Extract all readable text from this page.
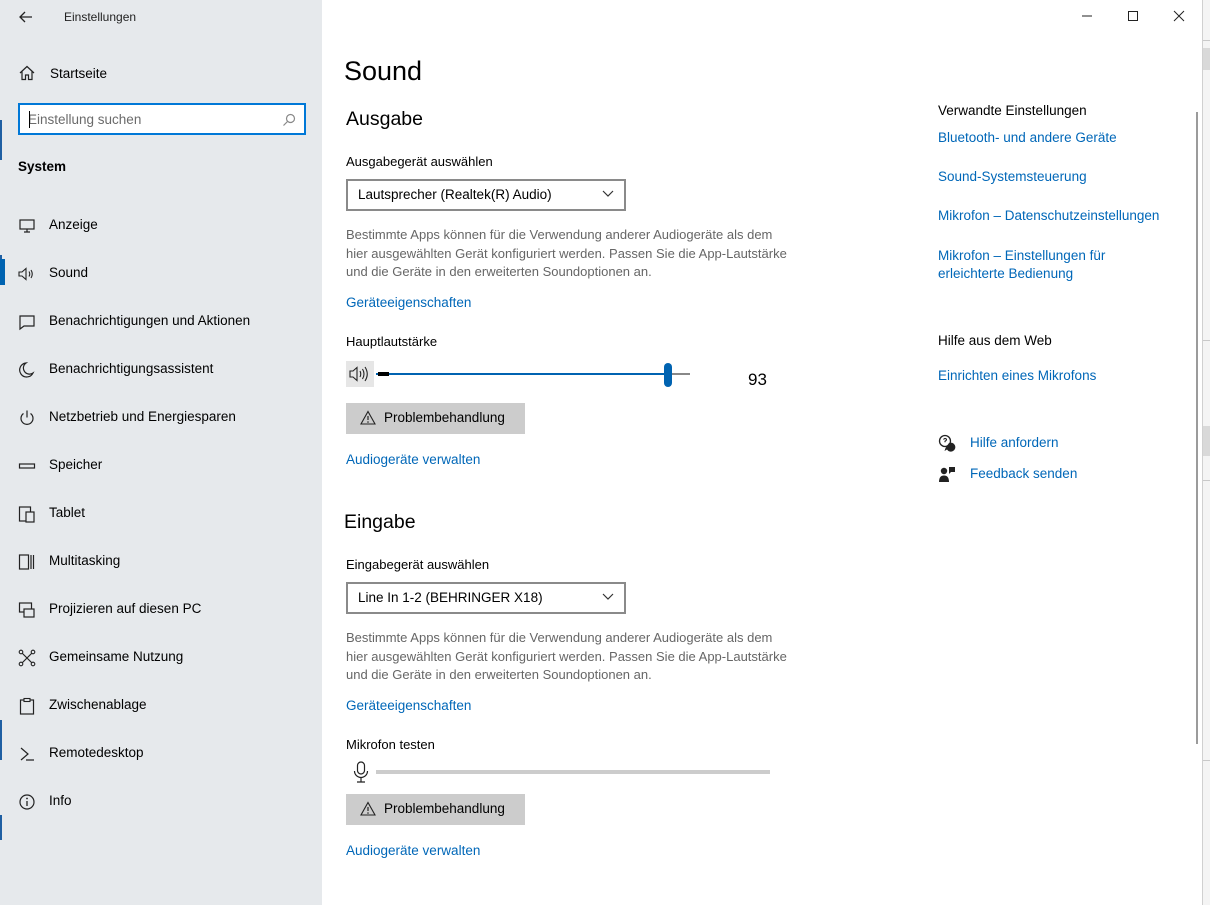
Einstellungen
Startseite
Einstellung suchen
System
Anzeige
Sound
Benachrichtigungen und Aktionen
Benachrichtigungsassistent
Netzbetrieb und Energiesparen
Speicher
Tablet
Multitasking
Projizieren auf diesen PC
Gemeinsame Nutzung
Zwischenablage
Remotedesktop
Info
Sound
Ausgabe
Ausgabegerät auswählen
Lautsprecher (Realtek(R) Audio)
Bestimmte Apps können für die Verwendung anderer Audiogeräte als dem hier ausgewählten Gerät konfiguriert werden. Passen Sie die App-Lautstärke und die Geräte in den erweiterten Soundoptionen an.
Geräteeigenschaften
Hauptlautstärke
93
Problembehandlung
Audiogeräte verwalten
Eingabe
Eingabegerät auswählen
Line In 1-2 (BEHRINGER X18)
Bestimmte Apps können für die Verwendung anderer Audiogeräte als dem hier ausgewählten Gerät konfiguriert werden. Passen Sie die App-Lautstärke und die Geräte in den erweiterten Soundoptionen an.
Geräteeigenschaften
Mikrofon testen
Problembehandlung
Audiogeräte verwalten
Verwandte Einstellungen
Bluetooth- und andere Geräte
Sound-Systemsteuerung
Mikrofon – Datenschutzeinstellungen
Mikrofon – Einstellungen für erleichterte Bedienung
Hilfe aus dem Web
Einrichten eines Mikrofons
Hilfe anfordern
Feedback senden
